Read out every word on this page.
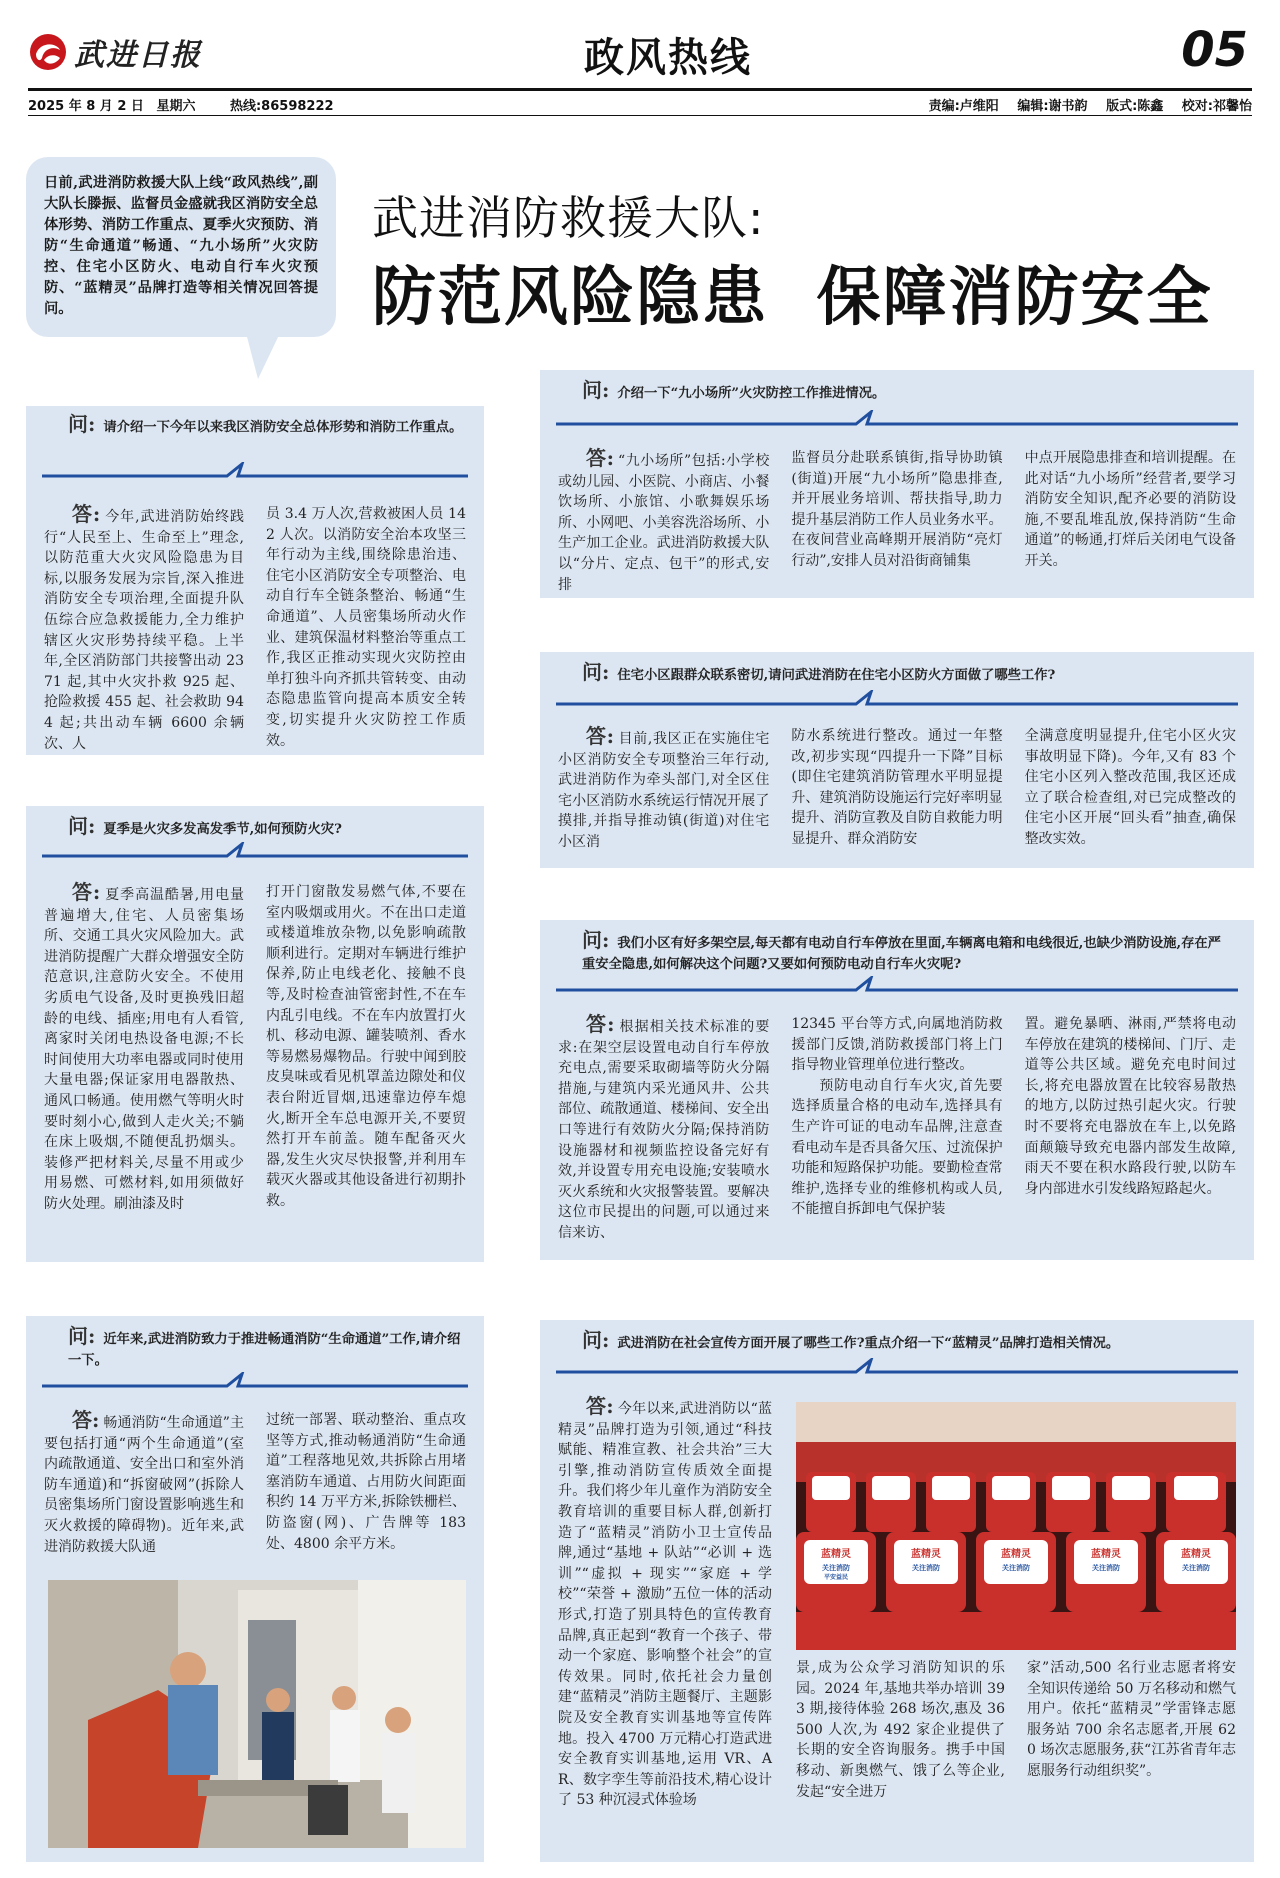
武进日报	政风热线	05
2025 年 8 月 2 日 星期六	热线:86598222	责编:卢维阳 编辑:谢书韵 版式:陈鑫 校对:祁馨怡
日前,武进消防救援大队上线“政风热线”,副大队长滕振、监督员金盛就我区消防安全总体形势、消防工作重点、夏季火灾预防、消防“生命通道”畅通、“九小场所”火灾防控、住宅小区防火、电动自行车火灾预防、“蓝精灵”品牌打造等相关情况回答提问。
武进消防救援大队:
防范风险隐患  保障消防安全
问: 请介绍一下今年以来我区消防安全总体形势和消防工作重点。

答: 今年,武进消防始终践行“人民至上、生命至上”理念,以防范重大火灾风险隐患为目标,以服务发展为宗旨,深入推进消防安全专项治理,全面提升队伍综合应急救援能力,全力维护辖区火灾形势持续平稳。上半年,全区消防部门共接警出动 2371 起,其中火灾扑救 925 起、抢险救援 455 起、社会救助 944 起;共出动车辆 6600 余辆次、人

员 3.4 万人次,营救被困人员 142 人次。以消防安全治本攻坚三年行动为主线,围绕除患治违、住宅小区消防安全专项整治、电动自行车全链条整治、畅通“生命通道”、人员密集场所动火作业、建筑保温材料整治等重点工作,我区正推动实现火灾防控由单打独斗向齐抓共管转变、由动态隐患监管向提高本质安全转变,切实提升火灾防控工作质效。

问: 介绍一下“九小场所”火灾防控工作推进情况。

答: “九小场所”包括:小学校或幼儿园、小医院、小商店、小餐饮场所、小旅馆、小歌舞娱乐场所、小网吧、小美容洗浴场所、小生产加工企业。武进消防救援大队以“分片、定点、包干”的形式,安排

监督员分赴联系镇街,指导协助镇(街道)开展“九小场所”隐患排查,并开展业务培训、帮扶指导,助力提升基层消防工作人员业务水平。在夜间营业高峰期开展消防“亮灯行动”,安排人员对沿街商铺集

中点开展隐患排查和培训提醒。在此对话“九小场所”经营者,要学习消防安全知识,配齐必要的消防设施,不要乱堆乱放,保持消防“生命通道”的畅通,打烊后关闭电气设备开关。

问: 住宅小区跟群众联系密切,请问武进消防在住宅小区防火方面做了哪些工作?

答: 目前,我区正在实施住宅小区消防安全专项整治三年行动,武进消防作为牵头部门,对全区住宅小区消防水系统运行情况开展了摸排,并指导推动镇(街道)对住宅小区消

防水系统进行整改。通过一年整改,初步实现“四提升一下降”目标(即住宅建筑消防管理水平明显提升、建筑消防设施运行完好率明显提升、消防宣教及自防自救能力明显提升、群众消防安

全满意度明显提升,住宅小区火灾事故明显下降)。今年,又有 83 个住宅小区列入整改范围,我区还成立了联合检查组,对已完成整改的住宅小区开展“回头看”抽查,确保整改实效。

问: 夏季是火灾多发高发季节,如何预防火灾?

答: 夏季高温酷暑,用电量普遍增大,住宅、人员密集场所、交通工具火灾风险加大。武进消防提醒广大群众增强安全防范意识,注意防火安全。不使用劣质电气设备,及时更换残旧超龄的电线、插座;用电有人看管,离家时关闭电热设备电源;不长时间使用大功率电器或同时使用大量电器;保证家用电器散热、通风口畅通。使用燃气等明火时要时刻小心,做到人走火关;不躺在床上吸烟,不随便乱扔烟头。装修严把材料关,尽量不用或少用易燃、可燃材料,如用须做好防火处理。刷油漆及时

打开门窗散发易燃气体,不要在室内吸烟或用火。不在出口走道或楼道堆放杂物,以免影响疏散顺利进行。定期对车辆进行维护保养,防止电线老化、接触不良等,及时检查油管密封性,不在车内乱引电线。不在车内放置打火机、移动电源、罐装喷剂、香水等易燃易爆物品。行驶中闻到胶皮臭味或看见机罩盖边隙处和仪表台附近冒烟,迅速靠边停车熄火,断开全车总电源开关,不要贸然打开车前盖。随车配备灭火器,发生火灾尽快报警,并利用车载灭火器或其他设备进行初期扑救。

问: 我们小区有好多架空层,每天都有电动自行车停放在里面,车辆离电箱和电线很近,也缺少消防设施,存在严重安全隐患,如何解决这个问题?又要如何预防电动自行车火灾呢?

答: 根据相关技术标准的要求:在架空层设置电动自行车停放充电点,需要采取砌墙等防火分隔措施,与建筑内采光通风井、公共部位、疏散通道、楼梯间、安全出口等进行有效防火分隔;保持消防设施器材和视频监控设备完好有效,并设置专用充电设施;安装喷水灭火系统和火灾报警装置。要解决这位市民提出的问题,可以通过来信来访、

12345 平台等方式,向属地消防救援部门反馈,消防救援部门将上门指导物业管理单位进行整改。

预防电动自行车火灾,首先要选择质量合格的电动车,选择具有生产许可证的电动车品牌,注意查看电动车是否具备欠压、过流保护功能和短路保护功能。要勤检查常维护,选择专业的维修机构或人员,不能擅自拆卸电气保护装

置。避免暴晒、淋雨,严禁将电动车停放在建筑的楼梯间、门厅、走道等公共区域。避免充电时间过长,将充电器放置在比较容易散热的地方,以防过热引起火灾。行驶时不要将充电器放在车上,以免路面颠簸导致充电器内部发生故障,雨天不要在积水路段行驶,以防车身内部进水引发线路短路起火。

问: 近年来,武进消防致力于推进畅通消防“生命通道”工作,请介绍一下。

答: 畅通消防“生命通道”主要包括打通“两个生命通道”(室内疏散通道、安全出口和室外消防车通道)和“拆窗破网”(拆除人员密集场所门窗设置影响逃生和灭火救援的障碍物)。近年来,武进消防救援大队通

过统一部署、联动整治、重点攻坚等方式,推动畅通消防“生命通道”工程落地见效,共拆除占用堵塞消防车通道、占用防火间距面积约 14 万平方米,拆除铁栅栏、防盗窗(网)、广告牌等 183 处、4800 余平方米。

问: 武进消防在社会宣传方面开展了哪些工作?重点介绍一下“蓝精灵”品牌打造相关情况。

答: 今年以来,武进消防以“蓝精灵”品牌打造为引领,通过“科技赋能、精准宣教、社会共治”三大引擎,推动消防宣传质效全面提升。我们将少年儿童作为消防安全教育培训的重要目标人群,创新打造了“蓝精灵”消防小卫士宣传品牌,通过“基地 + 队站”“必训 + 选训”“虚拟 + 现实”“家庭 + 学校”“荣誉 + 激励”五位一体的活动形式,打造了别具特色的宣传教育品牌,真正起到“教育一个孩子、带动一个家庭、影响整个社会”的宣传效果。同时,依托社会力量创建“蓝精灵”消防主题餐厅、主题影院及安全教育实训基地等宣传阵地。投入 4700 万元精心打造武进安全教育实训基地,运用 VR、AR、数字孪生等前沿技术,精心设计了 53 种沉浸式体验场

蓝精灵
关注消防
平安益民
蓝精灵
关注消防
蓝精灵
关注消防
蓝精灵
关注消防
蓝精灵
关注消防

景,成为公众学习消防知识的乐园。2024 年,基地共举办培训 393 期,接待体验 268 场次,惠及 36500 人次,为 492 家企业提供了长期的安全咨询服务。携手中国移动、新奥燃气、饿了么等企业,发起“安全进万

家”活动,500 名行业志愿者将安全知识传递给 50 万名移动和燃气用户。依托“蓝精灵”学雷锋志愿服务站 700 余名志愿者,开展 620 场次志愿服务,获“江苏省青年志愿服务行动组织奖”。
